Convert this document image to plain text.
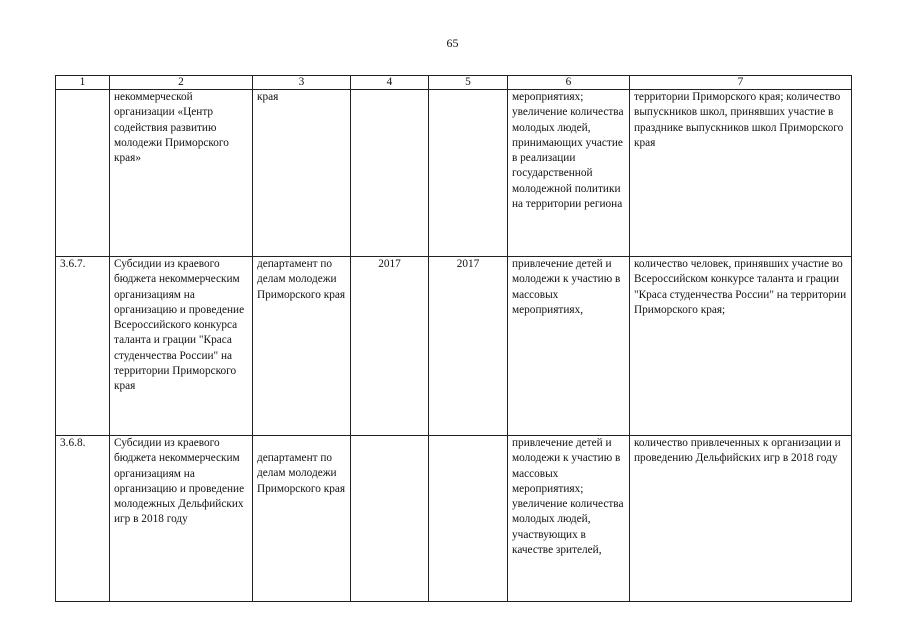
65
1	2	3	4	5	6	7
	некоммерческой организации «Центр содействия развитию молодежи Приморского края»	края			мероприятиях; увеличение количества молодых людей, принимающих участие в реализации государственной молодежной политики на территории региона	территории Приморского края; количество выпускников школ, принявших участие в празднике выпускников школ Приморского края
3.6.7.	Субсидии из краевого бюджета некоммерческим организациям на организацию и проведение Всероссийского конкурса таланта и грации "Краса студенчества России" на территории Приморского края	департамент по делам молодежи Приморского края	2017	2017	привлечение детей и молодежи к участию в массовых мероприятиях,	количество человек, принявших участие во Всероссийском конкурсе таланта и грации "Краса студенчества России" на территории Приморского края;
3.6.8.	Субсидии из краевого бюджета некоммерческим организациям на организацию и проведение молодежных Дельфийских игр в 2018 году	департамент по делам молодежи Приморского края			привлечение детей и молодежи к участию в массовых мероприятиях; увеличение количества молодых людей, участвующих в качестве зрителей,	количество привлеченных к организации и проведению Дельфийских игр в 2018 году
